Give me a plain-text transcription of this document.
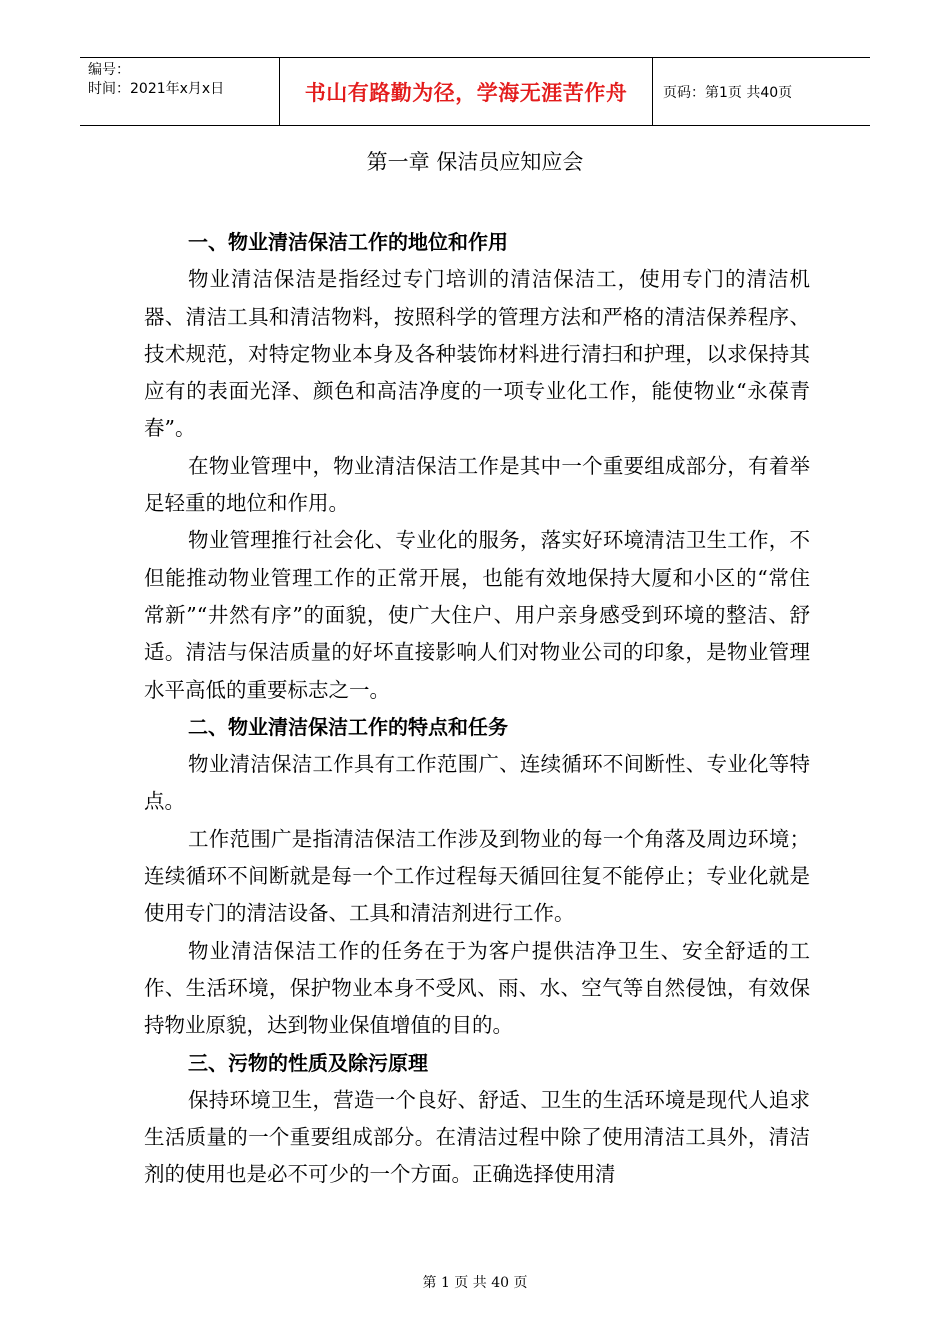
编号：
时间：2021年x月x日	书山有路勤为径，学海无涯苦作舟	页码：第1页 共40页
第一章 保洁员应知应会

一、物业清洁保洁工作的地位和作用

物业清洁保洁是指经过专门培训的清洁保洁工，使用专门的清洁机器、清洁工具和清洁物料，按照科学的管理方法和严格的清洁保养程序、技术规范，对特定物业本身及各种装饰材料进行清扫和护理，以求保持其应有的表面光泽、颜色和高洁净度的一项专业化工作，能使物业“永葆青春”。

在物业管理中，物业清洁保洁工作是其中一个重要组成部分，有着举足轻重的地位和作用。

物业管理推行社会化、专业化的服务，落实好环境清洁卫生工作，不但能推动物业管理工作的正常开展，也能有效地保持大厦和小区的“常住常新”“井然有序”的面貌，使广大住户、用户亲身感受到环境的整洁、舒适。清洁与保洁质量的好坏直接影响人们对物业公司的印象，是物业管理水平高低的重要标志之一。

二、物业清洁保洁工作的特点和任务

物业清洁保洁工作具有工作范围广、连续循环不间断性、专业化等特点。

工作范围广是指清洁保洁工作涉及到物业的每一个角落及周边环境；连续循环不间断就是每一个工作过程每天循回往复不能停止；专业化就是使用专门的清洁设备、工具和清洁剂进行工作。

物业清洁保洁工作的任务在于为客户提供洁净卫生、安全舒适的工作、生活环境，保护物业本身不受风、雨、水、空气等自然侵蚀，有效保持物业原貌，达到物业保值增值的目的。

三、污物的性质及除污原理

保持环境卫生，营造一个良好、舒适、卫生的生活环境是现代人追求生活质量的一个重要组成部分。在清洁过程中除了使用清洁工具外，清洁剂的使用也是必不可少的一个方面。正确选择使用清

第 1 页 共 40 页
